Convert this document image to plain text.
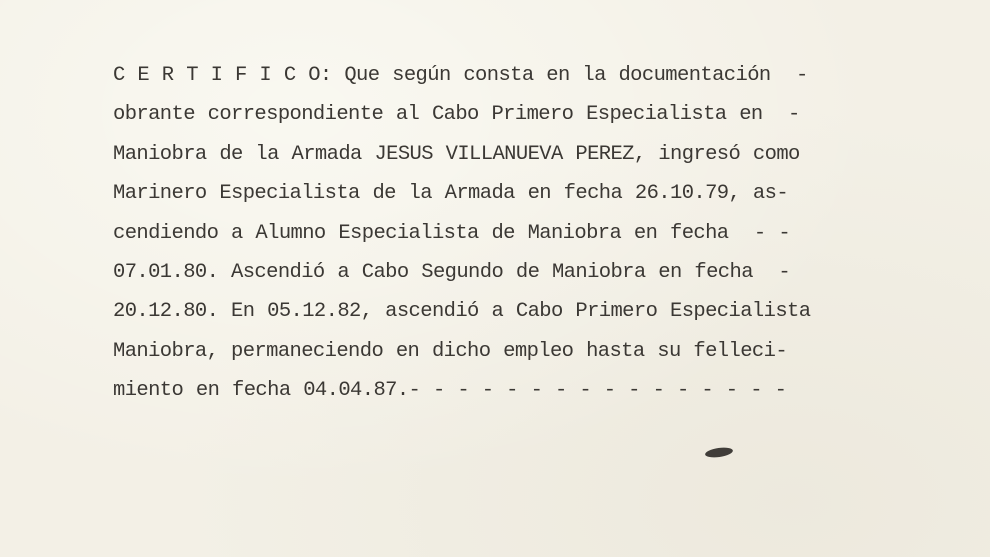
C E R T I F I C O: Que según consta en la documentación  -
obrante correspondiente al Cabo Primero Especialista en  -
Maniobra de la Armada JESUS VILLANUEVA PEREZ, ingresó como
Marinero Especialista de la Armada en fecha 26.10.79, as-
cendiendo a Alumno Especialista de Maniobra en fecha  - -
07.01.80. Ascendió a Cabo Segundo de Maniobra en fecha  -
20.12.80. En 05.12.82, ascendió a Cabo Primero Especialista
Maniobra, permaneciendo en dicho empleo hasta su felleci-
miento en fecha 04.04.87.- - - - - - - - - - - - - - - -
